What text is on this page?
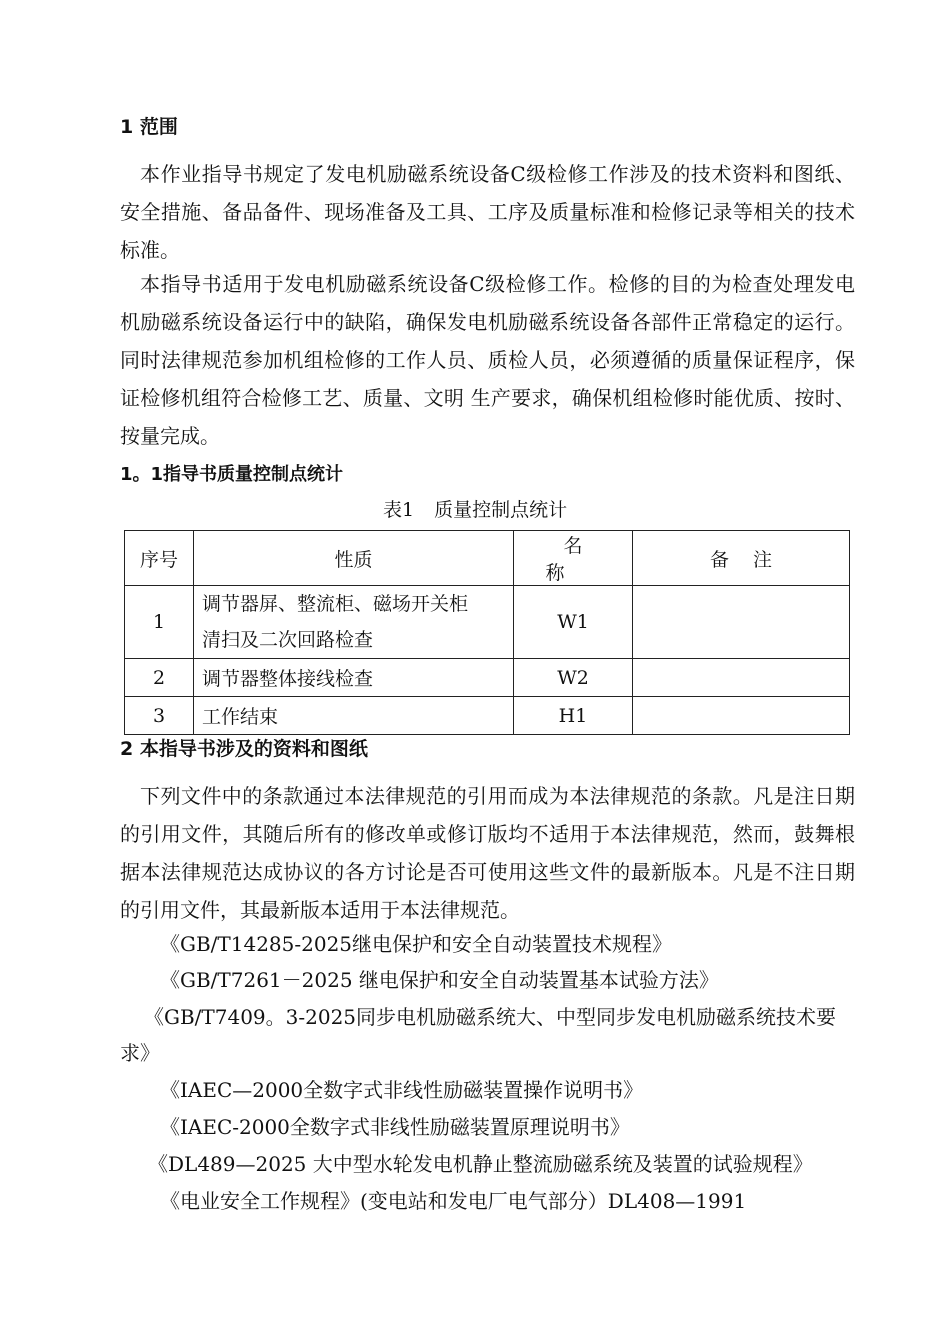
1 范围

本作业指导书规定了发电机励磁系统设备C级检修工作涉及的技术资料和图纸、安全措施、备品备件、现场准备及工具、工序及质量标准和检修记录等相关的技术标准。

本指导书适用于发电机励磁系统设备C级检修工作。检修的目的为检查处理发电机励磁系统设备运行中的缺陷，确保发电机励磁系统设备各部件正常稳定的运行。同时法律规范参加机组检修的工作人员、质检人员，必须遵循的质量保证程序，保证检修机组符合检修工艺、质量、文明 生产要求，确保机组检修时能优质、按时、按量完成。

1。1指导书质量控制点统计
表1 质量控制点统计
序号	性质	名称	备注
1	调节器屏、整流柜、磁场开关柜
清扫及二次回路检查	W1	
2	调节器整体接线检查	W2	
3	工作结束	H1	
2 本指导书涉及的资料和图纸

下列文件中的条款通过本法律规范的引用而成为本法律规范的条款。凡是注日期的引用文件，其随后所有的修改单或修订版均不适用于本法律规范，然而，鼓舞根据本法律规范达成协议的各方讨论是否可使用这些文件的最新版本。凡是不注日期的引用文件，其最新版本适用于本法律规范。

《GB/T14285-2025继电保护和安全自动装置技术规程》
《GB/T7261－2025 继电保护和安全自动装置基本试验方法》
《GB/T7409。3-2025同步电机励磁系统大、中型同步发电机励磁系统技术要求》
《IAEC—2000全数字式非线性励磁装置操作说明书》
《IAEC-2000全数字式非线性励磁装置原理说明书》
《DL489—2025 大中型水轮发电机静止整流励磁系统及装置的试验规程》
《电业安全工作规程》(变电站和发电厂电气部分）DL408—1991
